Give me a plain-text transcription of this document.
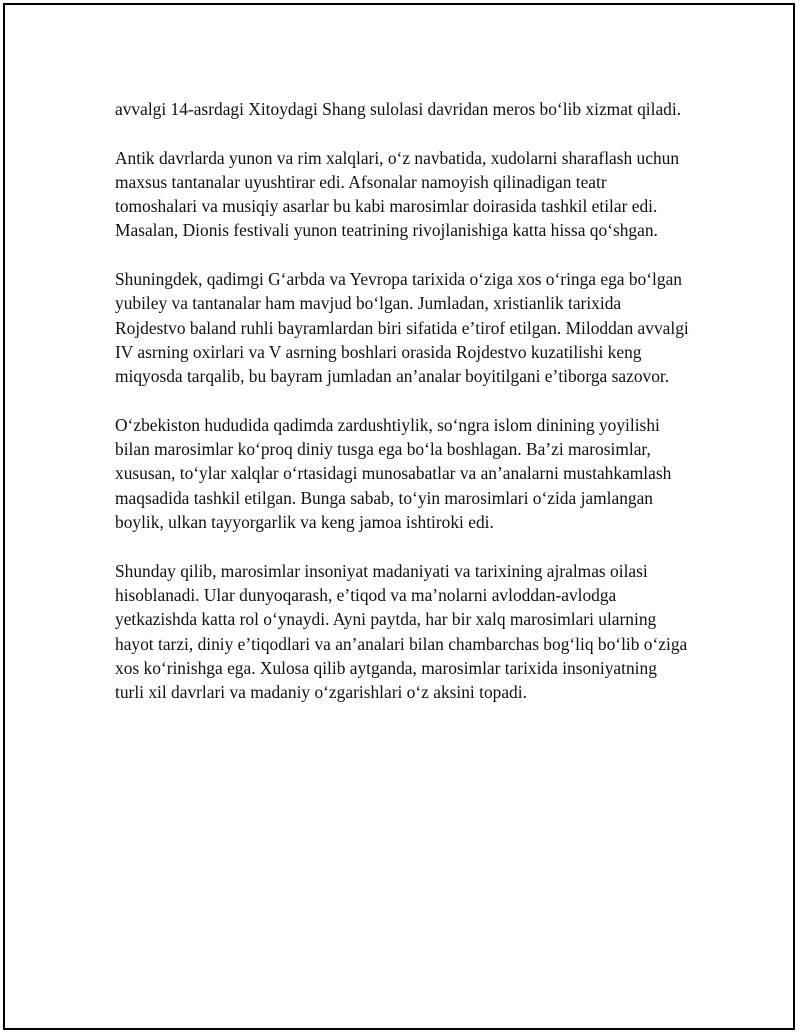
avvalgi 14-asrdagi Xitoydagi Shang sulolasi davridan meros boʻlib xizmat qiladi.

Antik davrlarda yunon va rim xalqlari, oʻz navbatida, xudolarni sharaflash uchun maxsus tantanalar uyushtirar edi. Afsonalar namoyish qilinadigan teatr tomoshalari va musiqiy asarlar bu kabi marosimlar doirasida tashkil etilar edi. Masalan, Dionis festivali yunon teatrining rivojlanishiga katta hissa qoʻshgan.

Shuningdek, qadimgi Gʻarbda va Yevropa tarixida oʻziga xos oʻringa ega boʻlgan yubiley va tantanalar ham mavjud boʻlgan. Jumladan, xristianlik tarixida Rojdestvo baland ruhli bayramlardan biri sifatida eʼtirof etilgan. Miloddan avvalgi IV asrning oxirlari va V asrning boshlari orasida Rojdestvo kuzatilishi keng miqyosda tarqalib, bu bayram jumladan anʼanalar boyitilgani eʼtiborga sazovor.

Oʻzbekiston hududida qadimda zardushtiylik, soʻngra islom dinining yoyilishi bilan marosimlar koʻproq diniy tusga ega boʻla boshlagan. Baʼzi marosimlar, xususan, toʻylar xalqlar oʻrtasidagi munosabatlar va anʼanalarni mustahkamlash maqsadida tashkil etilgan. Bunga sabab, toʻyin marosimlari oʻzida jamlangan boylik, ulkan tayyorgarlik va keng jamoa ishtiroki edi.

Shunday qilib, marosimlar insoniyat madaniyati va tarixining ajralmas oilasi hisoblanadi. Ular dunyoqarash, eʼtiqod va maʼnolarni avloddan-avlodga yetkazishda katta rol oʻynaydi. Ayni paytda, har bir xalq marosimlari ularning hayot tarzi, diniy eʼtiqodlari va anʼanalari bilan chambarchas bogʻliq boʻlib oʻziga xos koʻrinishga ega. Xulosa qilib aytganda, marosimlar tarixida insoniyatning turli xil davrlari va madaniy oʻzgarishlari oʻz aksini topadi.
